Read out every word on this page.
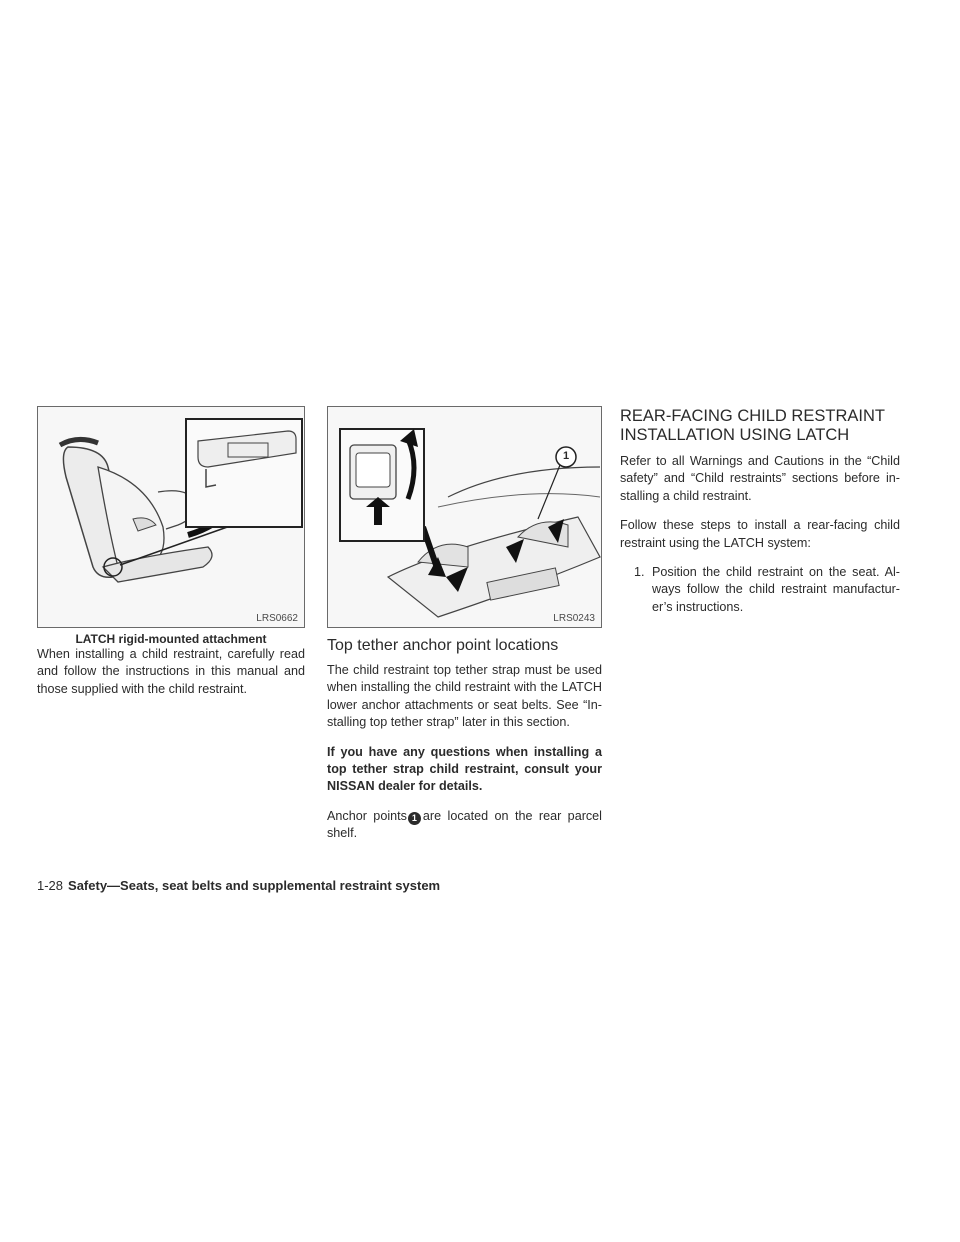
LRS0662
LATCH rigid-mounted attachment

When installing a child restraint, carefully read and follow the instructions in this manual and those supplied with the child restraint.

1
LRS0243
Top tether anchor point locations

The child restraint top tether strap must be used when installing the child restraint with the LATCH lower anchor attachments or seat belts. See “In-stalling top tether strap” later in this section.

If you have any questions when installing a top tether strap child restraint, consult your NISSAN dealer for details.

Anchor points 1 are located on the rear parcel shelf.

REAR-FACING CHILD RESTRAINT INSTALLATION USING LATCH

Refer to all Warnings and Cautions in the “Child safety” and “Child restraints” sections before in-stalling a child restraint.

Follow these steps to install a rear-facing child restraint using the LATCH system:

1. Position the child restraint on the seat. Al-ways follow the child restraint manufactur-er’s instructions.
1-28 Safety—Seats, seat belts and supplemental restraint system
